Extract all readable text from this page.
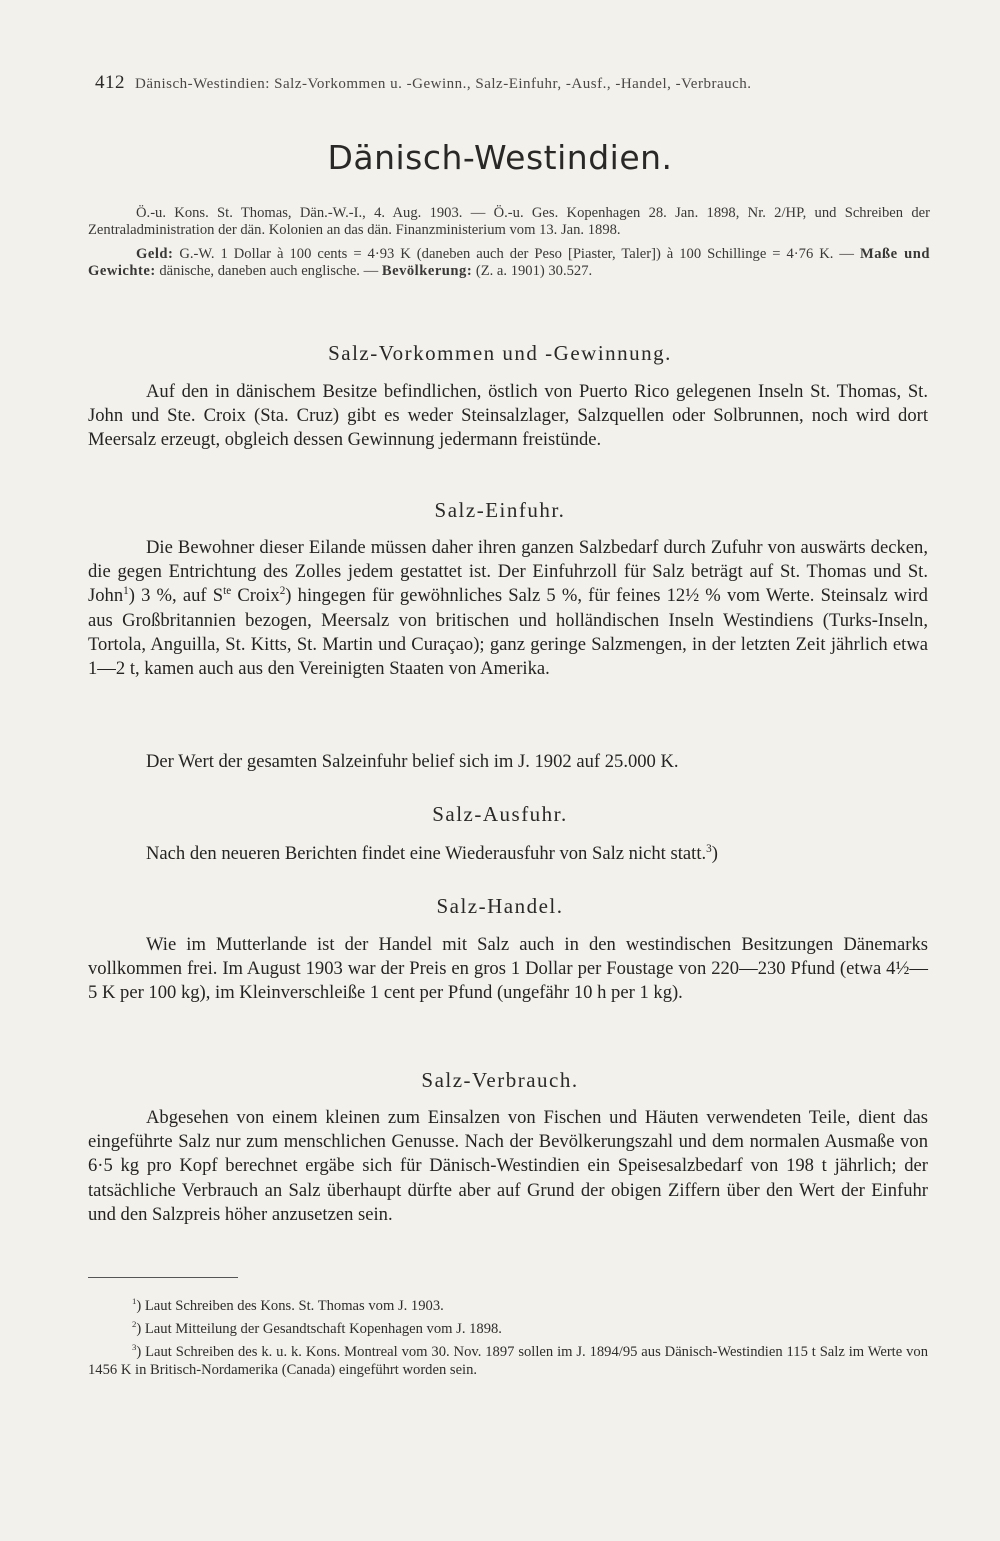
412 Dänisch-Westindien: Salz-Vorkommen u. -Gewinn., Salz-Einfuhr, -Ausf., -Handel, -Verbrauch.
Dänisch-Westindien.

Ö.-u. Kons. St. Thomas, Dän.-W.-I., 4. Aug. 1903. — Ö.-u. Ges. Kopenhagen 28. Jan. 1898, Nr. 2/HP, und Schreiben der Zentraladministration der dän. Kolonien an das dän. Finanzministerium vom 13. Jan. 1898.

Geld: G.-W. 1 Dollar à 100 cents = 4·93 K (daneben auch der Peso [Piaster, Taler]) à 100 Schillinge = 4·76 K. — Maße und Gewichte: dänische, daneben auch englische. — Bevölkerung: (Z. a. 1901) 30.527.

Salz-Vorkommen und -Gewinnung.

Auf den in dänischem Besitze befindlichen, östlich von Puerto Rico gelegenen Inseln St. Thomas, St. John und Ste. Croix (Sta. Cruz) gibt es weder Steinsalzlager, Salzquellen oder Solbrunnen, noch wird dort Meersalz erzeugt, obgleich dessen Gewinnung jedermann freistünde.

Salz-Einfuhr.

Die Bewohner dieser Eilande müssen daher ihren ganzen Salzbedarf durch Zufuhr von auswärts decken, die gegen Entrichtung des Zolles jedem gestattet ist. Der Einfuhrzoll für Salz beträgt auf St. Thomas und St. John$^1$) 3 %, auf $S^{te}$ Croix$^2$) hingegen für gewöhnliches Salz 5 %, für feines 12½ % vom Werte. Steinsalz wird aus Großbritannien bezogen, Meersalz von britischen und holländischen Inseln Westindiens (Turks-Inseln, Tortola, Anguilla, St. Kitts, St. Martin und Curaçao); ganz geringe Salzmengen, in der letzten Zeit jährlich etwa 1—2 t, kamen auch aus den Vereinigten Staaten von Amerika.

Der Wert der gesamten Salzeinfuhr belief sich im J. 1902 auf 25.000 K.

Salz-Ausfuhr.

Nach den neueren Berichten findet eine Wiederausfuhr von Salz nicht statt.$^3$)

Salz-Handel.

Wie im Mutterlande ist der Handel mit Salz auch in den westindischen Besitzungen Dänemarks vollkommen frei. Im August 1903 war der Preis en gros 1 Dollar per Foustage von 220—230 Pfund (etwa 4½—5 K per 100 kg), im Kleinverschleiße 1 cent per Pfund (ungefähr 10 h per 1 kg).

Salz-Verbrauch.

Abgesehen von einem kleinen zum Einsalzen von Fischen und Häuten verwendeten Teile, dient das eingeführte Salz nur zum menschlichen Genusse. Nach der Bevölkerungszahl und dem normalen Ausmaße von 6·5 kg pro Kopf berechnet ergäbe sich für Dänisch-Westindien ein Speisesalzbedarf von 198 t jährlich; der tatsächliche Verbrauch an Salz überhaupt dürfte aber auf Grund der obigen Ziffern über den Wert der Einfuhr und den Salzpreis höher anzusetzen sein.

$^1$) Laut Schreiben des Kons. St. Thomas vom J. 1903.

$^2$) Laut Mitteilung der Gesandtschaft Kopenhagen vom J. 1898.

$^3$) Laut Schreiben des k. u. k. Kons. Montreal vom 30. Nov. 1897 sollen im J. 1894/95 aus Dänisch-Westindien 115 t Salz im Werte von 1456 K in Britisch-Nordamerika (Canada) eingeführt worden sein.
